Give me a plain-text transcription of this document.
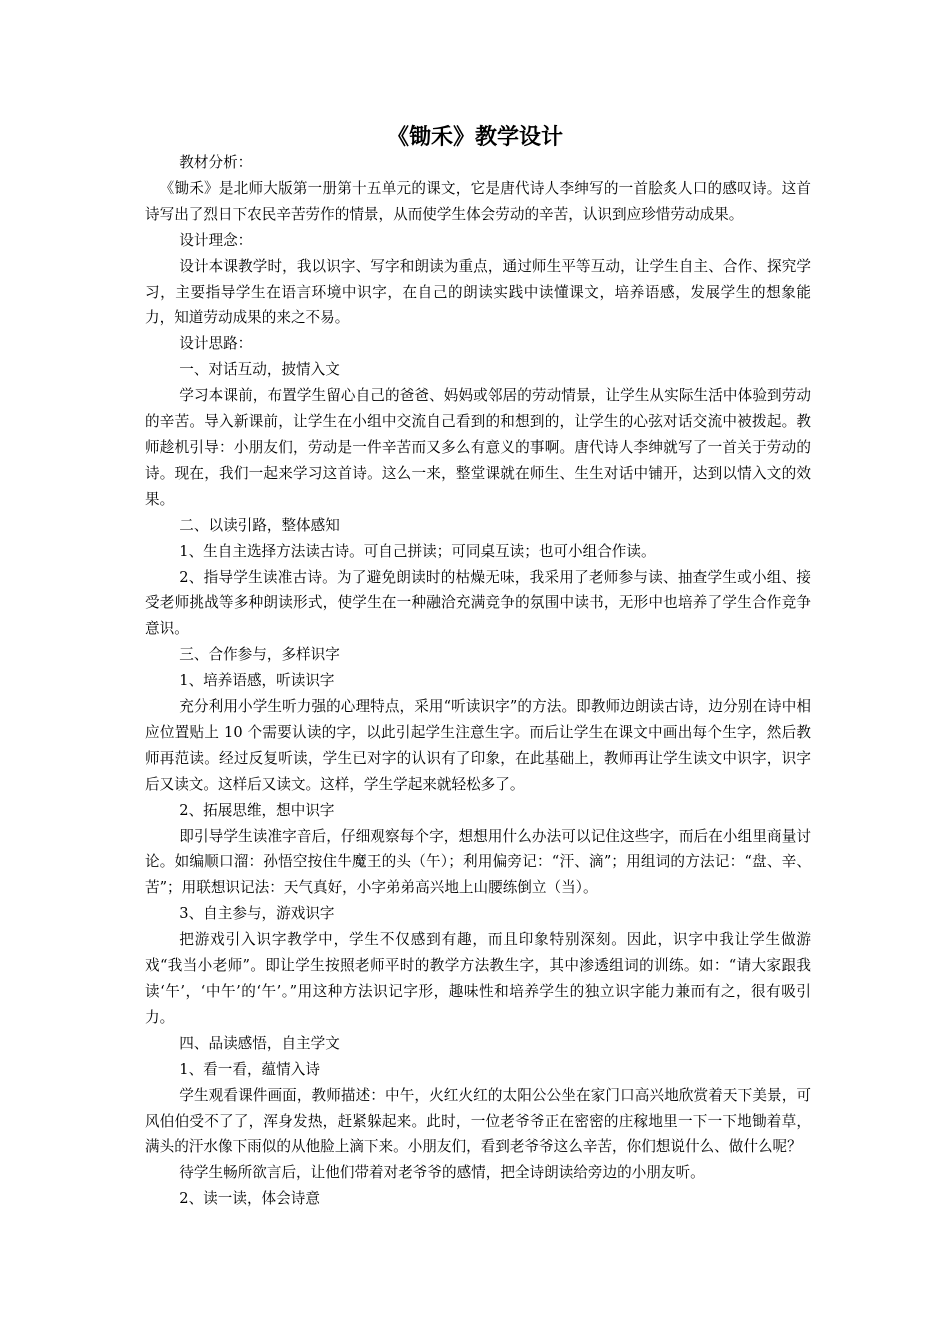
《锄禾》教学设计

教材分析：

《锄禾》是北师大版第一册第十五单元的课文，它是唐代诗人李绅写的一首脍炙人口的感叹诗。这首诗写出了烈日下农民辛苦劳作的情景，从而使学生体会劳动的辛苦，认识到应珍惜劳动成果。

设计理念：

设计本课教学时，我以识字、写字和朗读为重点，通过师生平等互动，让学生自主、合作、探究学习，主要指导学生在语言环境中识字，在自己的朗读实践中读懂课文，培养语感，发展学生的想象能力，知道劳动成果的来之不易。

设计思路：

一、对话互动，披情入文

学习本课前，布置学生留心自己的爸爸、妈妈或邻居的劳动情景，让学生从实际生活中体验到劳动的辛苦。导入新课前，让学生在小组中交流自己看到的和想到的，让学生的心弦对话交流中被拨起。教师趁机引导：小朋友们，劳动是一件辛苦而又多么有意义的事啊。唐代诗人李绅就写了一首关于劳动的诗。现在，我们一起来学习这首诗。这么一来，整堂课就在师生、生生对话中铺开，达到以情入文的效果。

二、以读引路，整体感知

1、生自主选择方法读古诗。可自己拼读；可同桌互读；也可小组合作读。

2、指导学生读准古诗。为了避免朗读时的枯燥无味，我采用了老师参与读、抽查学生或小组、接受老师挑战等多种朗读形式，使学生在一种融洽充满竞争的氛围中读书，无形中也培养了学生合作竞争意识。

三、合作参与，多样识字

1、培养语感，听读识字

充分利用小学生听力强的心理特点，采用“听读识字”的方法。即教师边朗读古诗，边分别在诗中相应位置贴上 10 个需要认读的字，以此引起学生注意生字。而后让学生在课文中画出每个生字，然后教师再范读。经过反复听读，学生已对字的认识有了印象，在此基础上，教师再让学生读文中识字，识字后又读文。这样后又读文。这样，学生学起来就轻松多了。

2、拓展思维，想中识字

即引导学生读准字音后，仔细观察每个字，想想用什么办法可以记住这些字，而后在小组里商量讨论。如编顺口溜：孙悟空按住牛魔王的头（午）；利用偏旁记：“汗、滴”；用组词的方法记：“盘、辛、苦”；用联想识记法：天气真好，小字弟弟高兴地上山腰练倒立（当）。

3、自主参与，游戏识字

把游戏引入识字教学中，学生不仅感到有趣，而且印象特别深刻。因此，识字中我让学生做游戏“我当小老师”。即让学生按照老师平时的教学方法教生字，其中渗透组词的训练。如：“请大家跟我读‘午’，‘中午’的‘午’。”用这种方法识记字形，趣味性和培养学生的独立识字能力兼而有之，很有吸引力。

四、品读感悟，自主学文

1、看一看，蕴情入诗

学生观看课件画面，教师描述：中午，火红火红的太阳公公坐在家门口高兴地欣赏着天下美景，可风伯伯受不了了，浑身发热，赶紧躲起来。此时，一位老爷爷正在密密的庄稼地里一下一下地锄着草，满头的汗水像下雨似的从他脸上滴下来。小朋友们，看到老爷爷这么辛苦，你们想说什么、做什么呢？

待学生畅所欲言后，让他们带着对老爷爷的感情，把全诗朗读给旁边的小朋友听。

2、读一读，体会诗意
